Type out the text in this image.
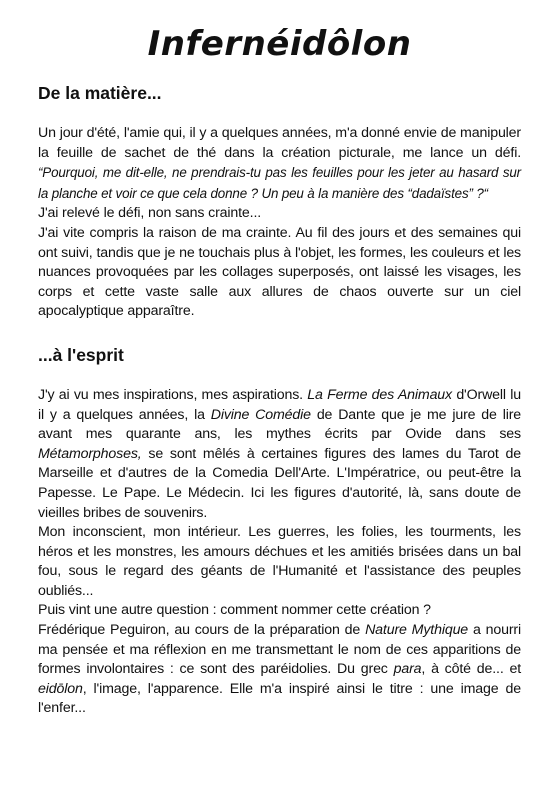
Infernéidôlon
De la matière...

Un jour d'été, l'amie qui, il y a quelques années, m'a donné envie de manipuler la feuille de sachet de thé dans la création picturale, me lance un défi. “Pourquoi, me dit-elle, ne prendrais-tu pas les feuilles pour les jeter au hasard sur la planche et voir ce que cela donne ? Un peu à la manière des “dadaïstes” ?“

J'ai relevé le défi, non sans crainte...

J'ai vite compris la raison de ma crainte. Au fil des jours et des semaines qui ont suivi, tandis que je ne touchais plus à l'objet, les formes, les couleurs et les nuances provoquées par les collages superposés, ont laissé les visages, les corps et cette vaste salle aux allures de chaos ouverte sur un ciel apocalyptique apparaître.

...à l'esprit

J'y ai vu mes inspirations, mes aspirations. La Ferme des Animaux d'Orwell lu il y a quelques années, la Divine Comédie de Dante que je me jure de lire avant mes quarante ans, les mythes écrits par Ovide dans ses Métamorphoses, se sont mêlés à certaines figures des lames du Tarot de Marseille et d'autres de la Comedia Dell'Arte. L'Impératrice, ou peut-être la Papesse. Le Pape. Le Médecin. Ici les figures d'autorité, là, sans doute de vieilles bribes de souvenirs.

Mon inconscient, mon intérieur. Les guerres, les folies, les tourments, les héros et les monstres, les amours déchues et les amitiés brisées dans un bal fou, sous le regard des géants de l'Humanité et l'assistance des peuples oubliés...

Puis vint une autre question : comment nommer cette création ?

Frédérique Peguiron, au cours de la préparation de Nature Mythique a nourri ma pensée et ma réflexion en me transmettant le nom de ces apparitions de formes involontaires : ce sont des paréidolies. Du grec para, à côté de... et eidōlon, l'image, l'apparence. Elle m'a inspiré ainsi le titre : une image de l'enfer...
